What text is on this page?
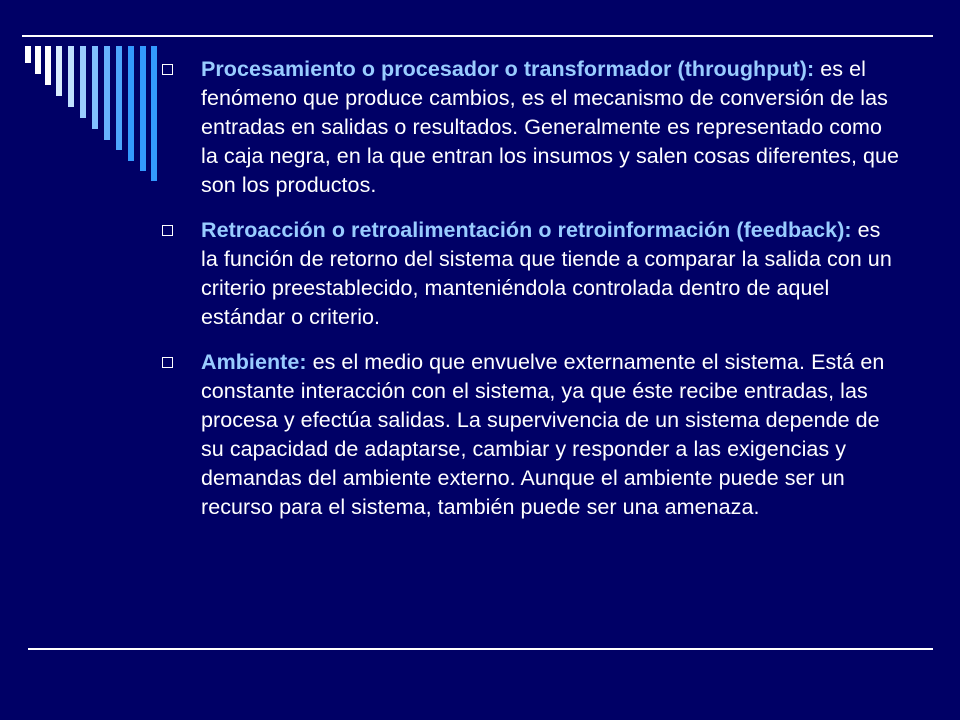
Procesamiento o procesador o transformador (throughput): es el fenómeno que produce cambios, es el mecanismo de conversión de las entradas en salidas o resultados. Generalmente es representado como la caja negra, en la que entran los insumos y salen cosas diferentes, que son los productos.
Retroacción o retroalimentación o retroinformación (feedback): es la función de retorno del sistema que tiende a comparar la salida con un criterio preestablecido, manteniéndola controlada dentro de aquel estándar o criterio.
Ambiente: es el medio que envuelve externamente el sistema. Está en constante interacción con el sistema, ya que éste recibe entradas, las procesa y efectúa salidas. La supervivencia de un sistema depende de su capacidad de adaptarse, cambiar y responder a las exigencias y demandas del ambiente externo. Aunque el ambiente puede ser un recurso para el sistema, también puede ser una amenaza.
